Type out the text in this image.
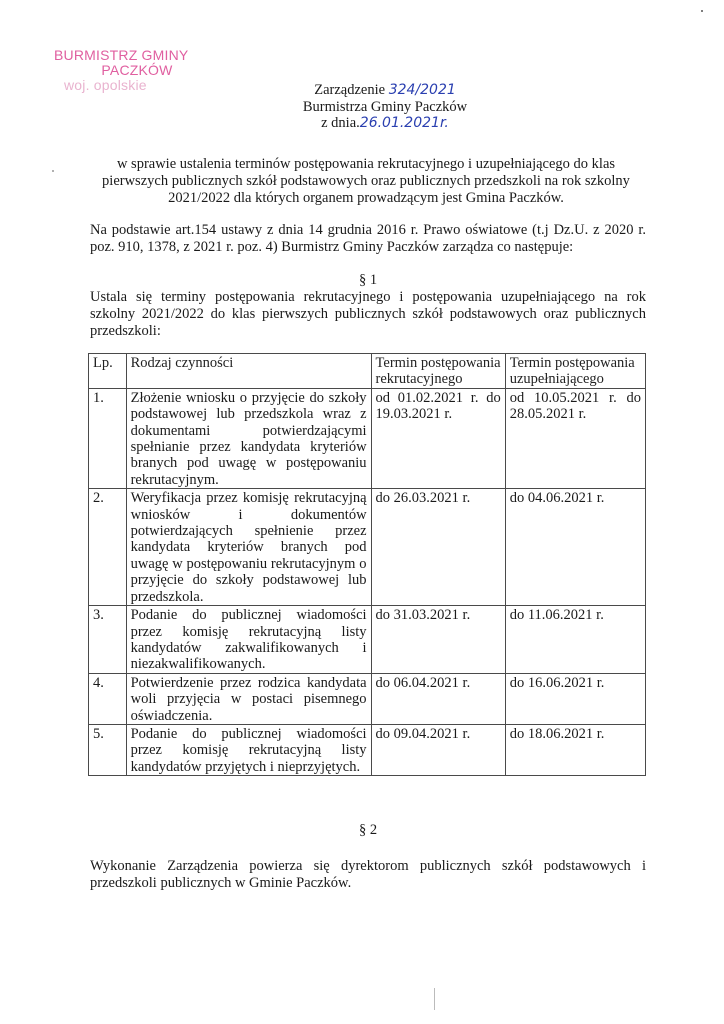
BURMISTRZ GMINY
PACZKÓW
woj. opolskie	Zarządzenie 324/2021
Burmistrza Gminy Paczków
z dnia.26.01.2021r.
w sprawie ustalenia terminów postępowania rekrutacyjnego i uzupełniającego do klas pierwszych publicznych szkół podstawowych oraz publicznych przedszkoli na rok szkolny 2021/2022 dla których organem prowadzącym jest Gmina Paczków.
Na podstawie art.154 ustawy z dnia 14 grudnia 2016 r. Prawo oświatowe (t.j Dz.U. z 2020 r. poz. 910, 1378, z 2021 r. poz. 4) Burmistrz Gminy Paczków zarządza co następuje:
§ 1
Ustala się terminy postępowania rekrutacyjnego i postępowania uzupełniającego na rok szkolny 2021/2022 do klas pierwszych publicznych szkół podstawowych oraz publicznych przedszkoli:
Lp.	Rodzaj czynności	Termin postępowania rekrutacyjnego	Termin postępowania uzupełniającego
1.	Złożenie wniosku o przyjęcie do szkoły podstawowej lub przedszkola wraz z dokumentami potwierdzającymi spełnianie przez kandydata kryteriów branych pod uwagę w postępowaniu rekrutacyjnym.	od 01.02.2021 r. do 19.03.2021 r.	od 10.05.2021 r. do 28.05.2021 r.
2.	Weryfikacja przez komisję rekrutacyjną wniosków i dokumentów potwierdzających spełnienie przez kandydata kryteriów branych pod uwagę w postępowaniu rekrutacyjnym o przyjęcie do szkoły podstawowej lub przedszkola.	do 26.03.2021 r.	do 04.06.2021 r.
3.	Podanie do publicznej wiadomości przez komisję rekrutacyjną listy kandydatów zakwalifikowanych i niezakwalifikowanych.	do 31.03.2021 r.	do 11.06.2021 r.
4.	Potwierdzenie przez rodzica kandydata woli przyjęcia w postaci pisemnego oświadczenia.	do 06.04.2021 r.	do 16.06.2021 r.
5.	Podanie do publicznej wiadomości przez komisję rekrutacyjną listy kandydatów przyjętych i nieprzyjętych.	do 09.04.2021 r.	do 18.06.2021 r.
§ 2
Wykonanie Zarządzenia powierza się dyrektorom publicznych szkół podstawowych i przedszkoli publicznych w Gminie Paczków.
